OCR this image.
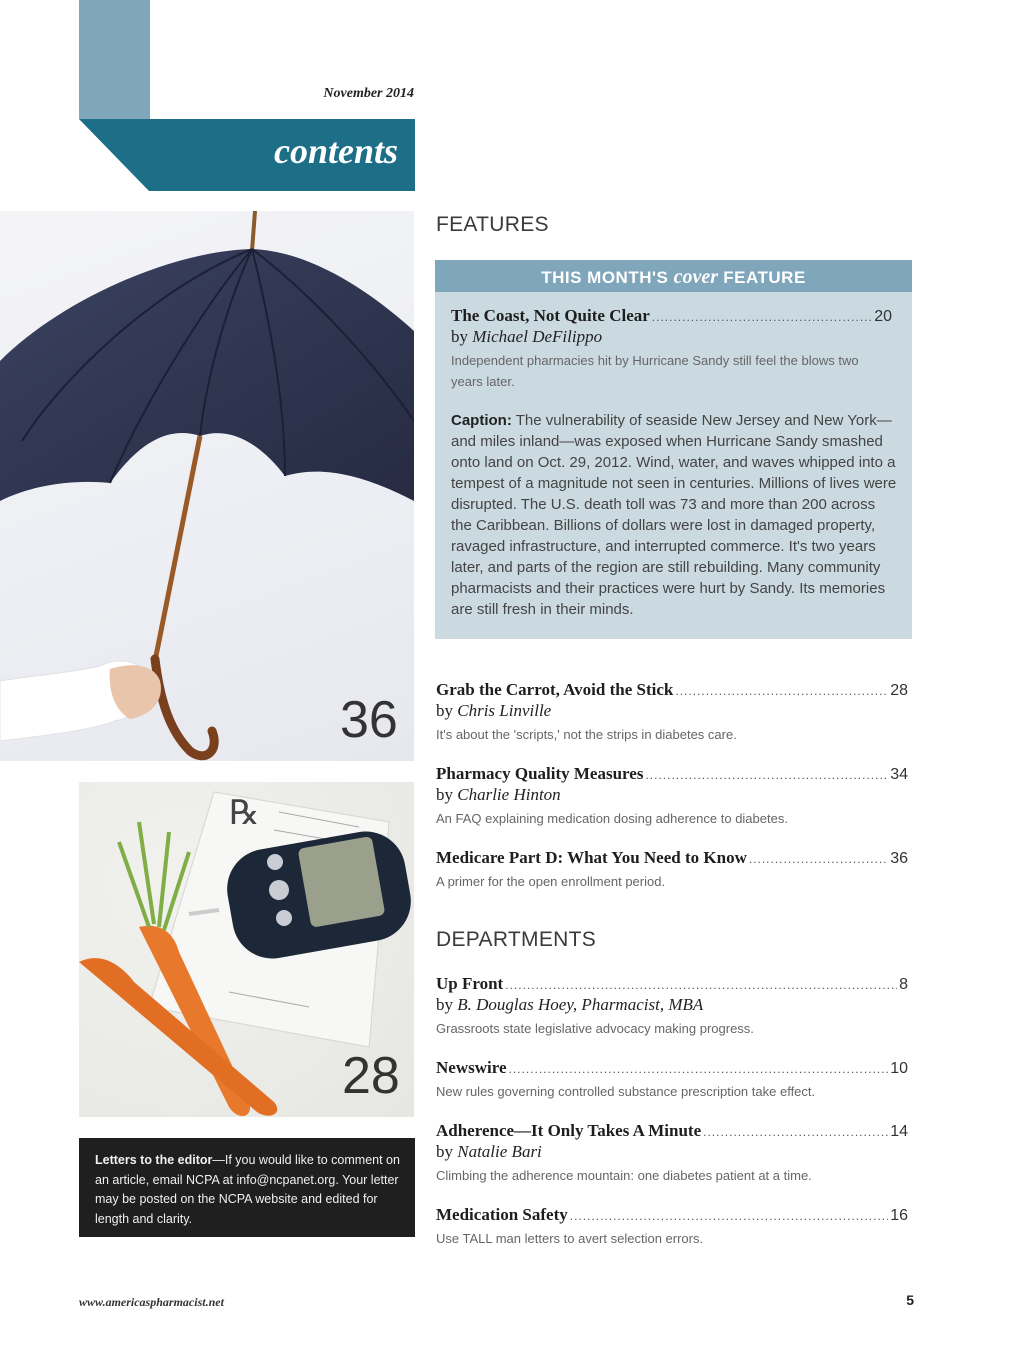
November 2014
contents
36
℞
28
Letters to the editor—If you would like to comment on an article, email NCPA at info@ncpanet.org. Your letter may be posted on the NCPA website and edited for length and clarity.
FEATURES
THIS MONTH'S cover FEATURE
The Coast, Not Quite Clear .....	20
by Michael DeFilippo
Independent pharmacies hit by Hurricane Sandy still feel the blows two years later.
Caption: The vulnerability of seaside New Jersey and New York—and miles inland—was exposed when Hurricane Sandy smashed onto land on Oct. 29, 2012. Wind, water, and waves whipped into a tempest of a magnitude not seen in centuries. Millions of lives were disrupted. The U.S. death toll was 73 and more than 200 across the Caribbean. Billions of dollars were lost in damaged property, ravaged infrastructure, and interrupted commerce. It's two years later, and parts of the region are still rebuilding. Many community pharmacists and their practices were hurt by Sandy. Its memories are still fresh in their minds.
Grab the Carrot, Avoid the Stick .....	28
by Chris Linville
It's about the 'scripts,' not the strips in diabetes care.
Pharmacy Quality Measures .....	34
by Charlie Hinton
An FAQ explaining medication dosing adherence to diabetes.
Medicare Part D: What You Need to Know .....	36
A primer for the open enrollment period.
DEPARTMENTS
Up Front .....	8
by B. Douglas Hoey, Pharmacist, MBA
Grassroots state legislative advocacy making progress.
Newswire .....	10
New rules governing controlled substance prescription take effect.
Adherence—It Only Takes A Minute .....	14
by Natalie Bari
Climbing the adherence mountain: one diabetes patient at a time.
Medication Safety .....	16
Use TALL man letters to avert selection errors.
www.americaspharmacist.net	5
